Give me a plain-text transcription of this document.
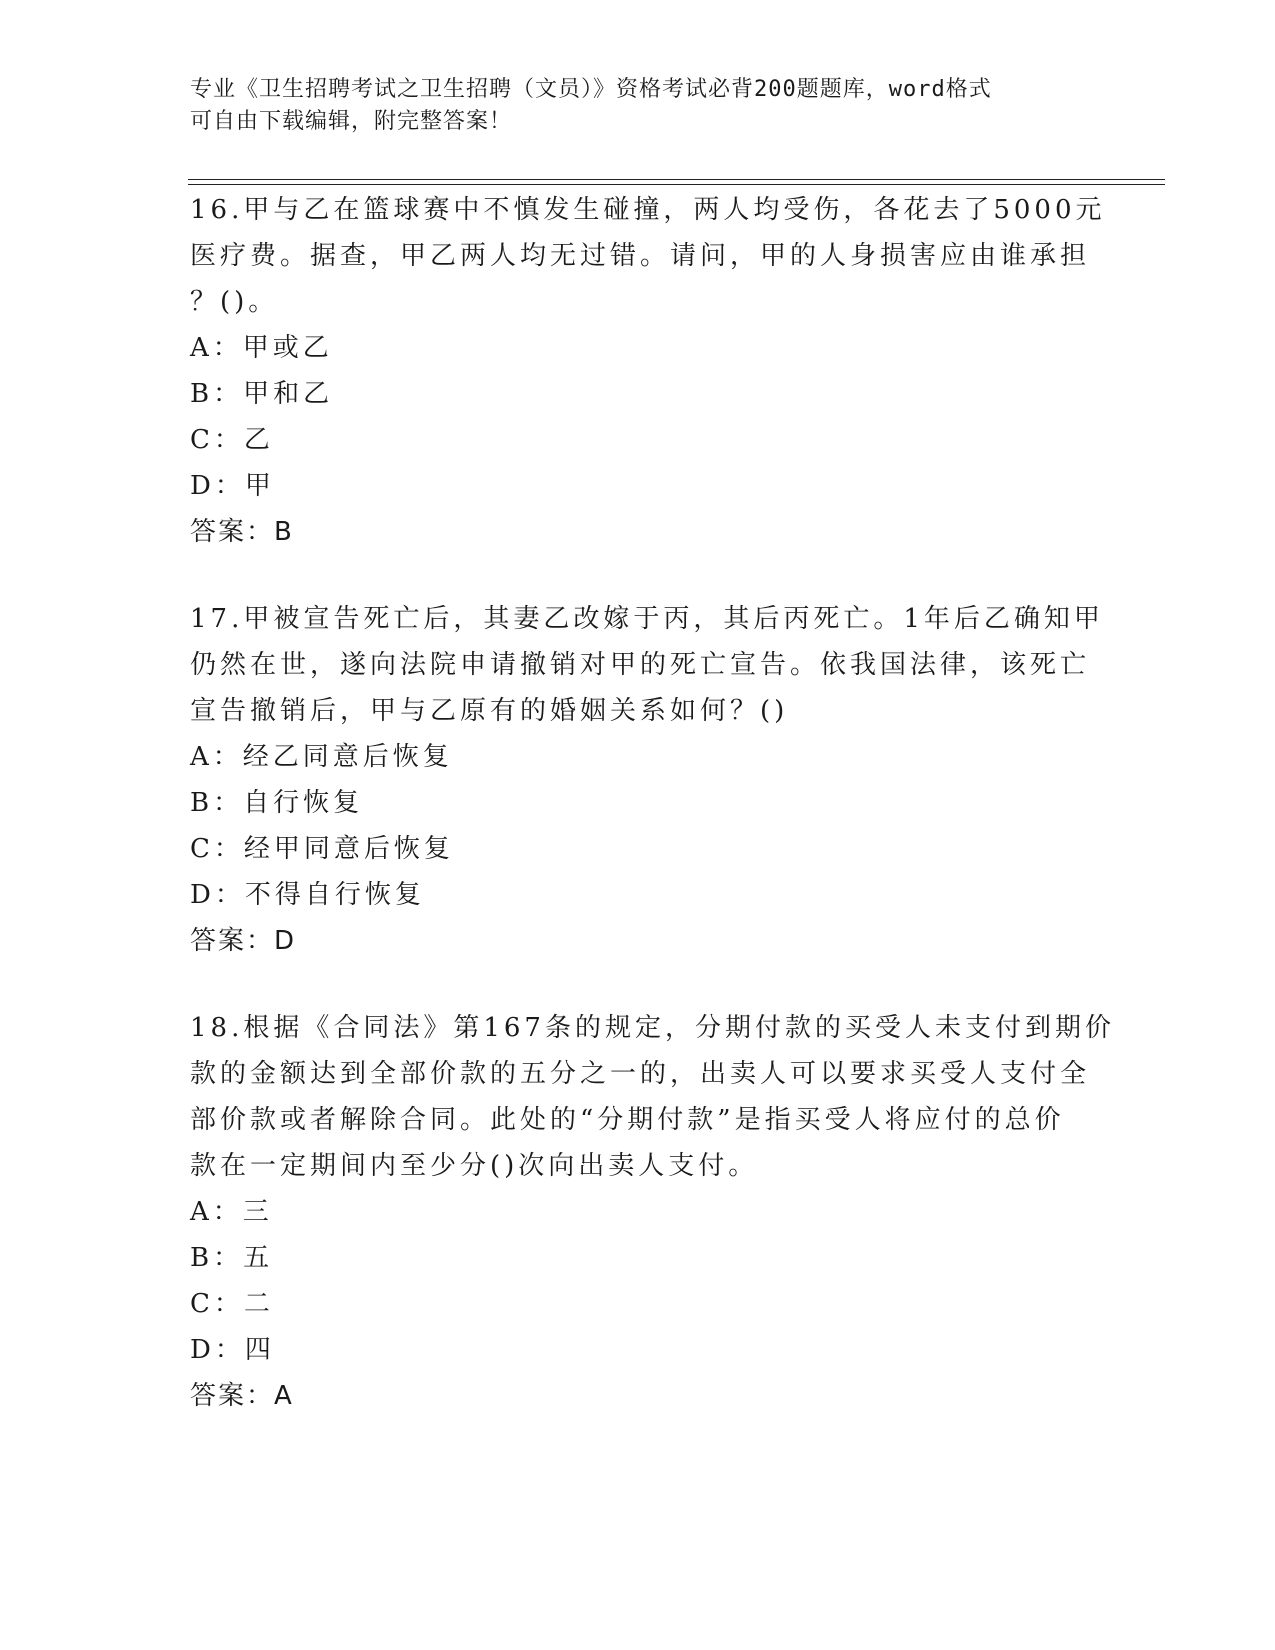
专业《卫生招聘考试之卫生招聘（文员）》资格考试必背200题题库，word格式
可自由下载编辑，附完整答案！
16.甲与乙在篮球赛中不慎发生碰撞，两人均受伤，各花去了5000元
医疗费。据查，甲乙两人均无过错。请问，甲的人身损害应由谁承担
？()。
A：甲或乙
B：甲和乙
C：乙
D：甲
答案：B
17.甲被宣告死亡后，其妻乙改嫁于丙，其后丙死亡。1年后乙确知甲
仍然在世，遂向法院申请撤销对甲的死亡宣告。依我国法律，该死亡
宣告撤销后，甲与乙原有的婚姻关系如何？()
A：经乙同意后恢复
B：自行恢复
C：经甲同意后恢复
D：不得自行恢复
答案：D
18.根据《合同法》第167条的规定，分期付款的买受人未支付到期价
款的金额达到全部价款的五分之一的，出卖人可以要求买受人支付全
部价款或者解除合同。此处的“分期付款”是指买受人将应付的总价
款在一定期间内至少分()次向出卖人支付。
A：三
B：五
C：二
D：四
答案：A
